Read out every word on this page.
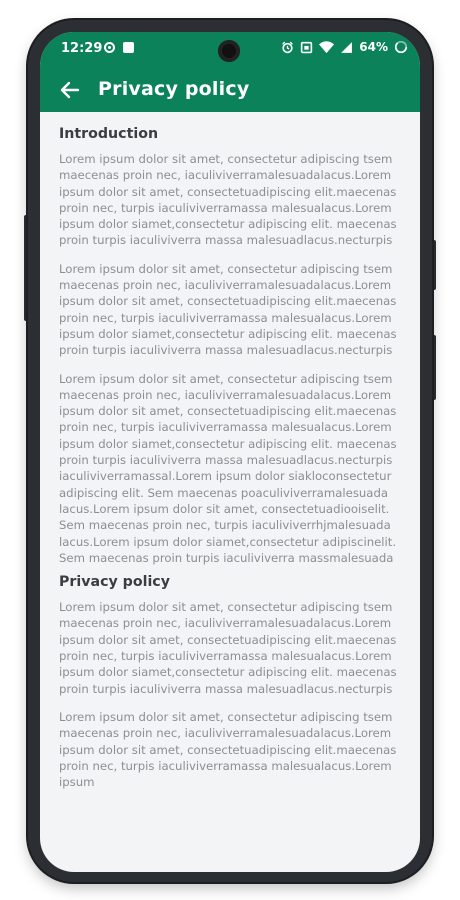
12:29	64%
Privacy policy
Introduction

Lorem ipsum dolor sit amet, consectetur adipiscing tsem maecenas proin nec, iaculiviverramalesuadalacus.Lorem ipsum dolor sit amet, consectetuadipiscing elit.maecenas proin nec, turpis iaculiviverramassa malesualacus.Lorem ipsum dolor siamet,consectetur adipiscing elit. maecenas proin turpis iaculiviverra massa malesuadlacus.necturpis

Lorem ipsum dolor sit amet, consectetur adipiscing tsem maecenas proin nec, iaculiviverramalesuadalacus.Lorem ipsum dolor sit amet, consectetuadipiscing elit.maecenas proin nec, turpis iaculiviverramassa malesualacus.Lorem ipsum dolor siamet,consectetur adipiscing elit. maecenas proin turpis iaculiviverra massa malesuadlacus.necturpis

Lorem ipsum dolor sit amet, consectetur adipiscing tsem maecenas proin nec, iaculiviverramalesuadalacus.Lorem ipsum dolor sit amet, consectetuadipiscing elit.maecenas proin nec, turpis iaculiviverramassa malesualacus.Lorem ipsum dolor siamet,consectetur adipiscing elit. maecenas proin turpis iaculiviverra massa malesuadlacus.necturpis iaculiviverramassal.Lorem ipsum dolor siakloconsectetur adipiscing elit. Sem maecenas poaculiviverramalesuada lacus.Lorem ipsum dolor sit amet, consectetuadiooiselit. Sem maecenas proin nec, turpis iaculiviverrhjmalesuada lacus.Lorem ipsum dolor siamet,consectetur adipiscinelit. Sem maecenas proin turpis iaculiviverra massmalesuada

Privacy policy

Lorem ipsum dolor sit amet, consectetur adipiscing tsem maecenas proin nec, iaculiviverramalesuadalacus.Lorem ipsum dolor sit amet, consectetuadipiscing elit.maecenas proin nec, turpis iaculiviverramassa malesualacus.Lorem ipsum dolor siamet,consectetur adipiscing elit. maecenas proin turpis iaculiviverra massa malesuadlacus.necturpis

Lorem ipsum dolor sit amet, consectetur adipiscing tsem maecenas proin nec, iaculiviverramalesuadalacus.Lorem ipsum dolor sit amet, consectetuadipiscing elit.maecenas proin nec, turpis iaculiviverramassa malesualacus.Lorem ipsum
